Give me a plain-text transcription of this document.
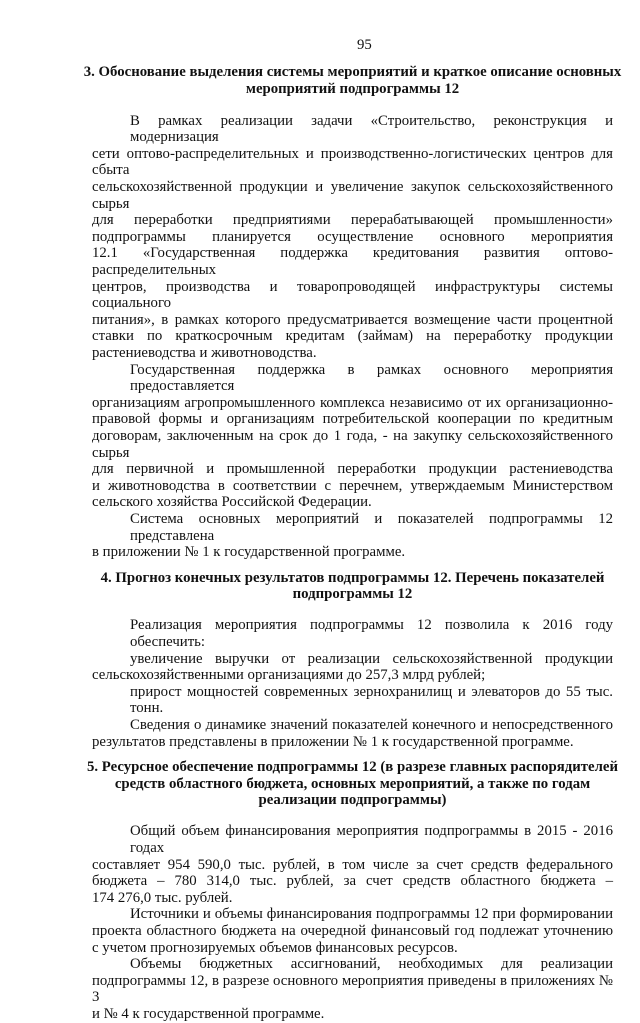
95
3. Обоснование выделения системы мероприятий и краткое описание основных
мероприятий подпрограммы 12
В рамках реализации задачи «Строительство, реконструкция и модернизация
сети оптово-распределительных и производственно-логистических центров для сбыта
сельскохозяйственной продукции и увеличение закупок сельскохозяйственного сырья
для переработки предприятиями перерабатывающей промышленности»
подпрограммы планируется осуществление основного мероприятия
12.1 «Государственная поддержка кредитования развития оптово-распределительных
центров, производства и товаропроводящей инфраструктуры системы социального
питания», в рамках которого предусматривается возмещение части процентной
ставки по краткосрочным кредитам (займам) на переработку продукции
растениеводства и животноводства.
Государственная поддержка в рамках основного мероприятия предоставляется
организациям агропромышленного комплекса независимо от их организационно-
правовой формы и организациям потребительской кооперации по кредитным
договорам, заключенным на срок до 1 года, - на закупку сельскохозяйственного сырья
для первичной и промышленной переработки продукции растениеводства
и животноводства в соответствии с перечнем, утверждаемым Министерством
сельского хозяйства Российской Федерации.
Система основных мероприятий и показателей подпрограммы 12 представлена
в приложении № 1 к государственной программе.
4. Прогноз конечных результатов подпрограммы 12. Перечень показателей
подпрограммы 12
Реализация мероприятия подпрограммы 12 позволила к 2016 году обеспечить:
увеличение выручки от реализации сельскохозяйственной продукции
сельскохозяйственными организациями до 257,3 млрд рублей;
прирост мощностей современных зернохранилищ и элеваторов до 55 тыс. тонн.
Сведения о динамике значений показателей конечного и непосредственного
результатов представлены в приложении № 1 к государственной программе.
5. Ресурсное обеспечение подпрограммы 12 (в разрезе главных распорядителей
средств областного бюджета, основных мероприятий, а также по годам
реализации подпрограммы)
Общий объем финансирования мероприятия подпрограммы в 2015 - 2016 годах
составляет 954 590,0 тыс. рублей, в том числе за счет средств федерального
бюджета – 780 314,0 тыс. рублей, за счет средств областного бюджета –
174 276,0 тыс. рублей.
Источники и объемы финансирования подпрограммы 12 при формировании
проекта областного бюджета на очередной финансовый год подлежат уточнению
с учетом прогнозируемых объемов финансовых ресурсов.
Объемы бюджетных ассигнований, необходимых для реализации
подпрограммы 12, в разрезе основного мероприятия приведены в приложениях № 3
и № 4 к государственной программе.
